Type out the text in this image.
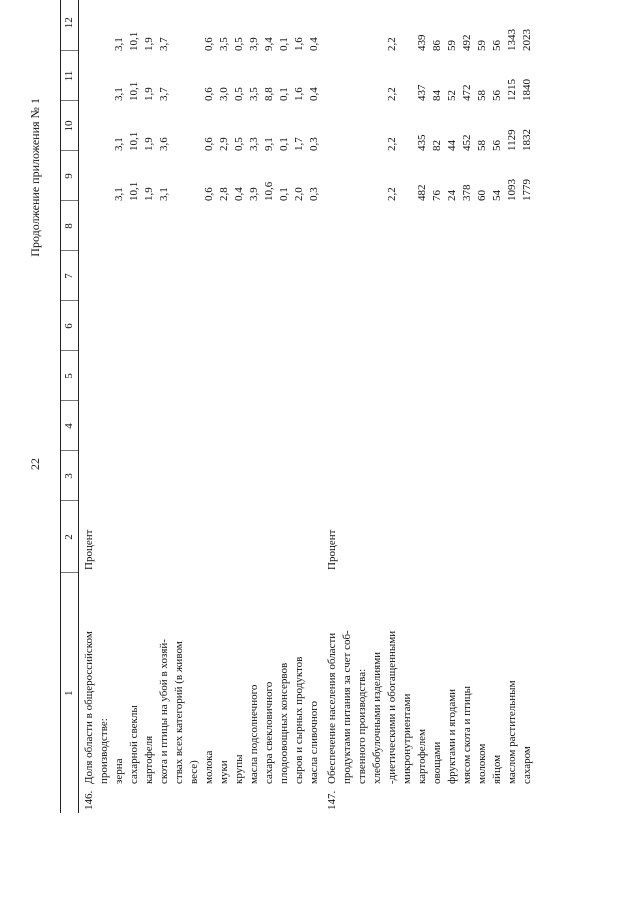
22
Продолжение приложения № 1
1	2	3	4	5	6	7	8	9	10	11	12
146.Доля области в общероссийском	Процент										
производстве:											
зерна								3,1	3,1	3,1	3,1
сахарной свеклы								10,1	10,1	10,1	10,1
картофеля								1,9	1,9	1,9	1,9
скота и птицы на убой в хозяй-								3,1	3,6	3,7	3,7
ствах всех категорий (в живом											
весе)											
молока								0,6	0,6	0,6	0,6
муки								2,8	2,9	3,0	3,5
крупы								0,4	0,5	0,5	0,5
масла подсолнечного								3,9	3,3	3,5	3,9
сахара свекловичного								10,6	9,1	8,8	9,4
плодоовощных консервов								0,1	0,1	0,1	0,1
сыров и сырных продуктов								2,0	1,7	1,6	1,6
масла сливочного								0,3	0,3	0,4	0,4
147.Обеспечение населения области	Процент										
продуктами питания за счет соб-											
ственного производства:											
хлебобулочными изделиями											
-диетическими и обогащенными								2,2	2,2	2,2	2,2
микронутриентами											
картофелем								482	435	437	439
овощами								76	82	84	86
фруктами и ягодами								24	44	52	59
мясом скота и птицы								378	452	472	492
молоком								60	58	58	59
яйцом								54	56	56	56
маслом растительным								1093	1129	1215	1343
сахаром								1779	1832	1840	2023
